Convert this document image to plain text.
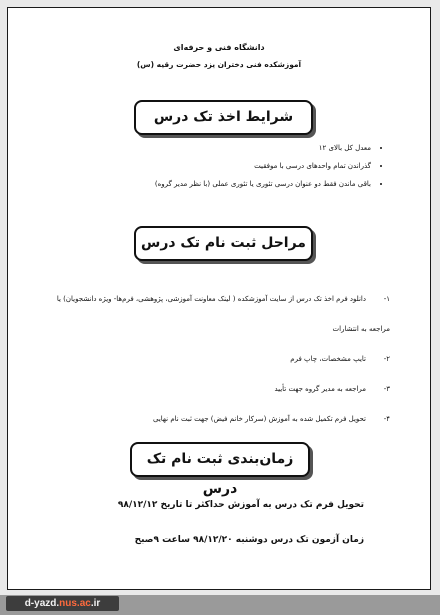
دانشگاه فنی و حرفه‌ای
آموزشکده فنی دختران یزد حضرت رقیه (س)
شرایط اخذ تک درس
• معدل کل بالای ۱۲
• گذراندن تمام واحدهای درسی با موفقیت
• باقی ماندن فقط دو عنوان درسی تئوری یا تئوری عملی (با نظر مدیر گروه)
مراحل ثبت نام تک درس
۱-دانلود فرم اخذ تک درس از سایت آموزشکده ( لینک معاونت آموزشی، پژوهشی، فرم‌ها- ویژه دانشجویان) یا
مراجعه به انتشارات
۲-تایپ مشخصات، چاپ فرم
۳-مراجعه به مدیر گروه جهت تأیید
۴-تحویل فرم تکمیل شده به آموزش (سرکار خانم فیض) جهت ثبت نام نهایی
زمان‌بندی ثبت نام تک درس
تحویل فرم تک درس به آموزش حداکثر تا تاریخ ۹۸/۱۲/۱۲
زمان آزمون تک درس دوشنبه ۹۸/۱۲/۲۰ ساعت ۹صبح
d-yazd.nus.ac.ir
